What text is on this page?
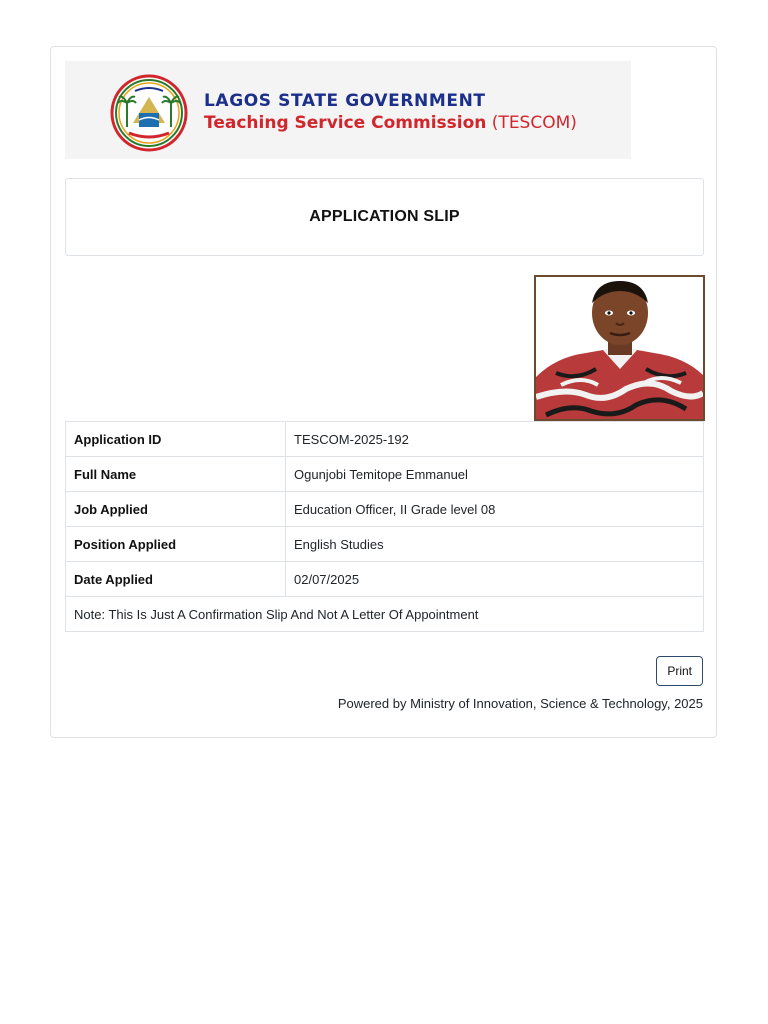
LAGOS STATE GOVERNMENT
Teaching Service Commission (TESCOM)
APPLICATION SLIP
Application ID	TESCOM-2025-192
Full Name	Ogunjobi Temitope Emmanuel
Job Applied	Education Officer, II Grade level 08
Position Applied	English Studies
Date Applied	02/07/2025
Note: This Is Just A Confirmation Slip And Not A Letter Of Appointment	
Print
Powered by Ministry of Innovation, Science & Technology, 2025
